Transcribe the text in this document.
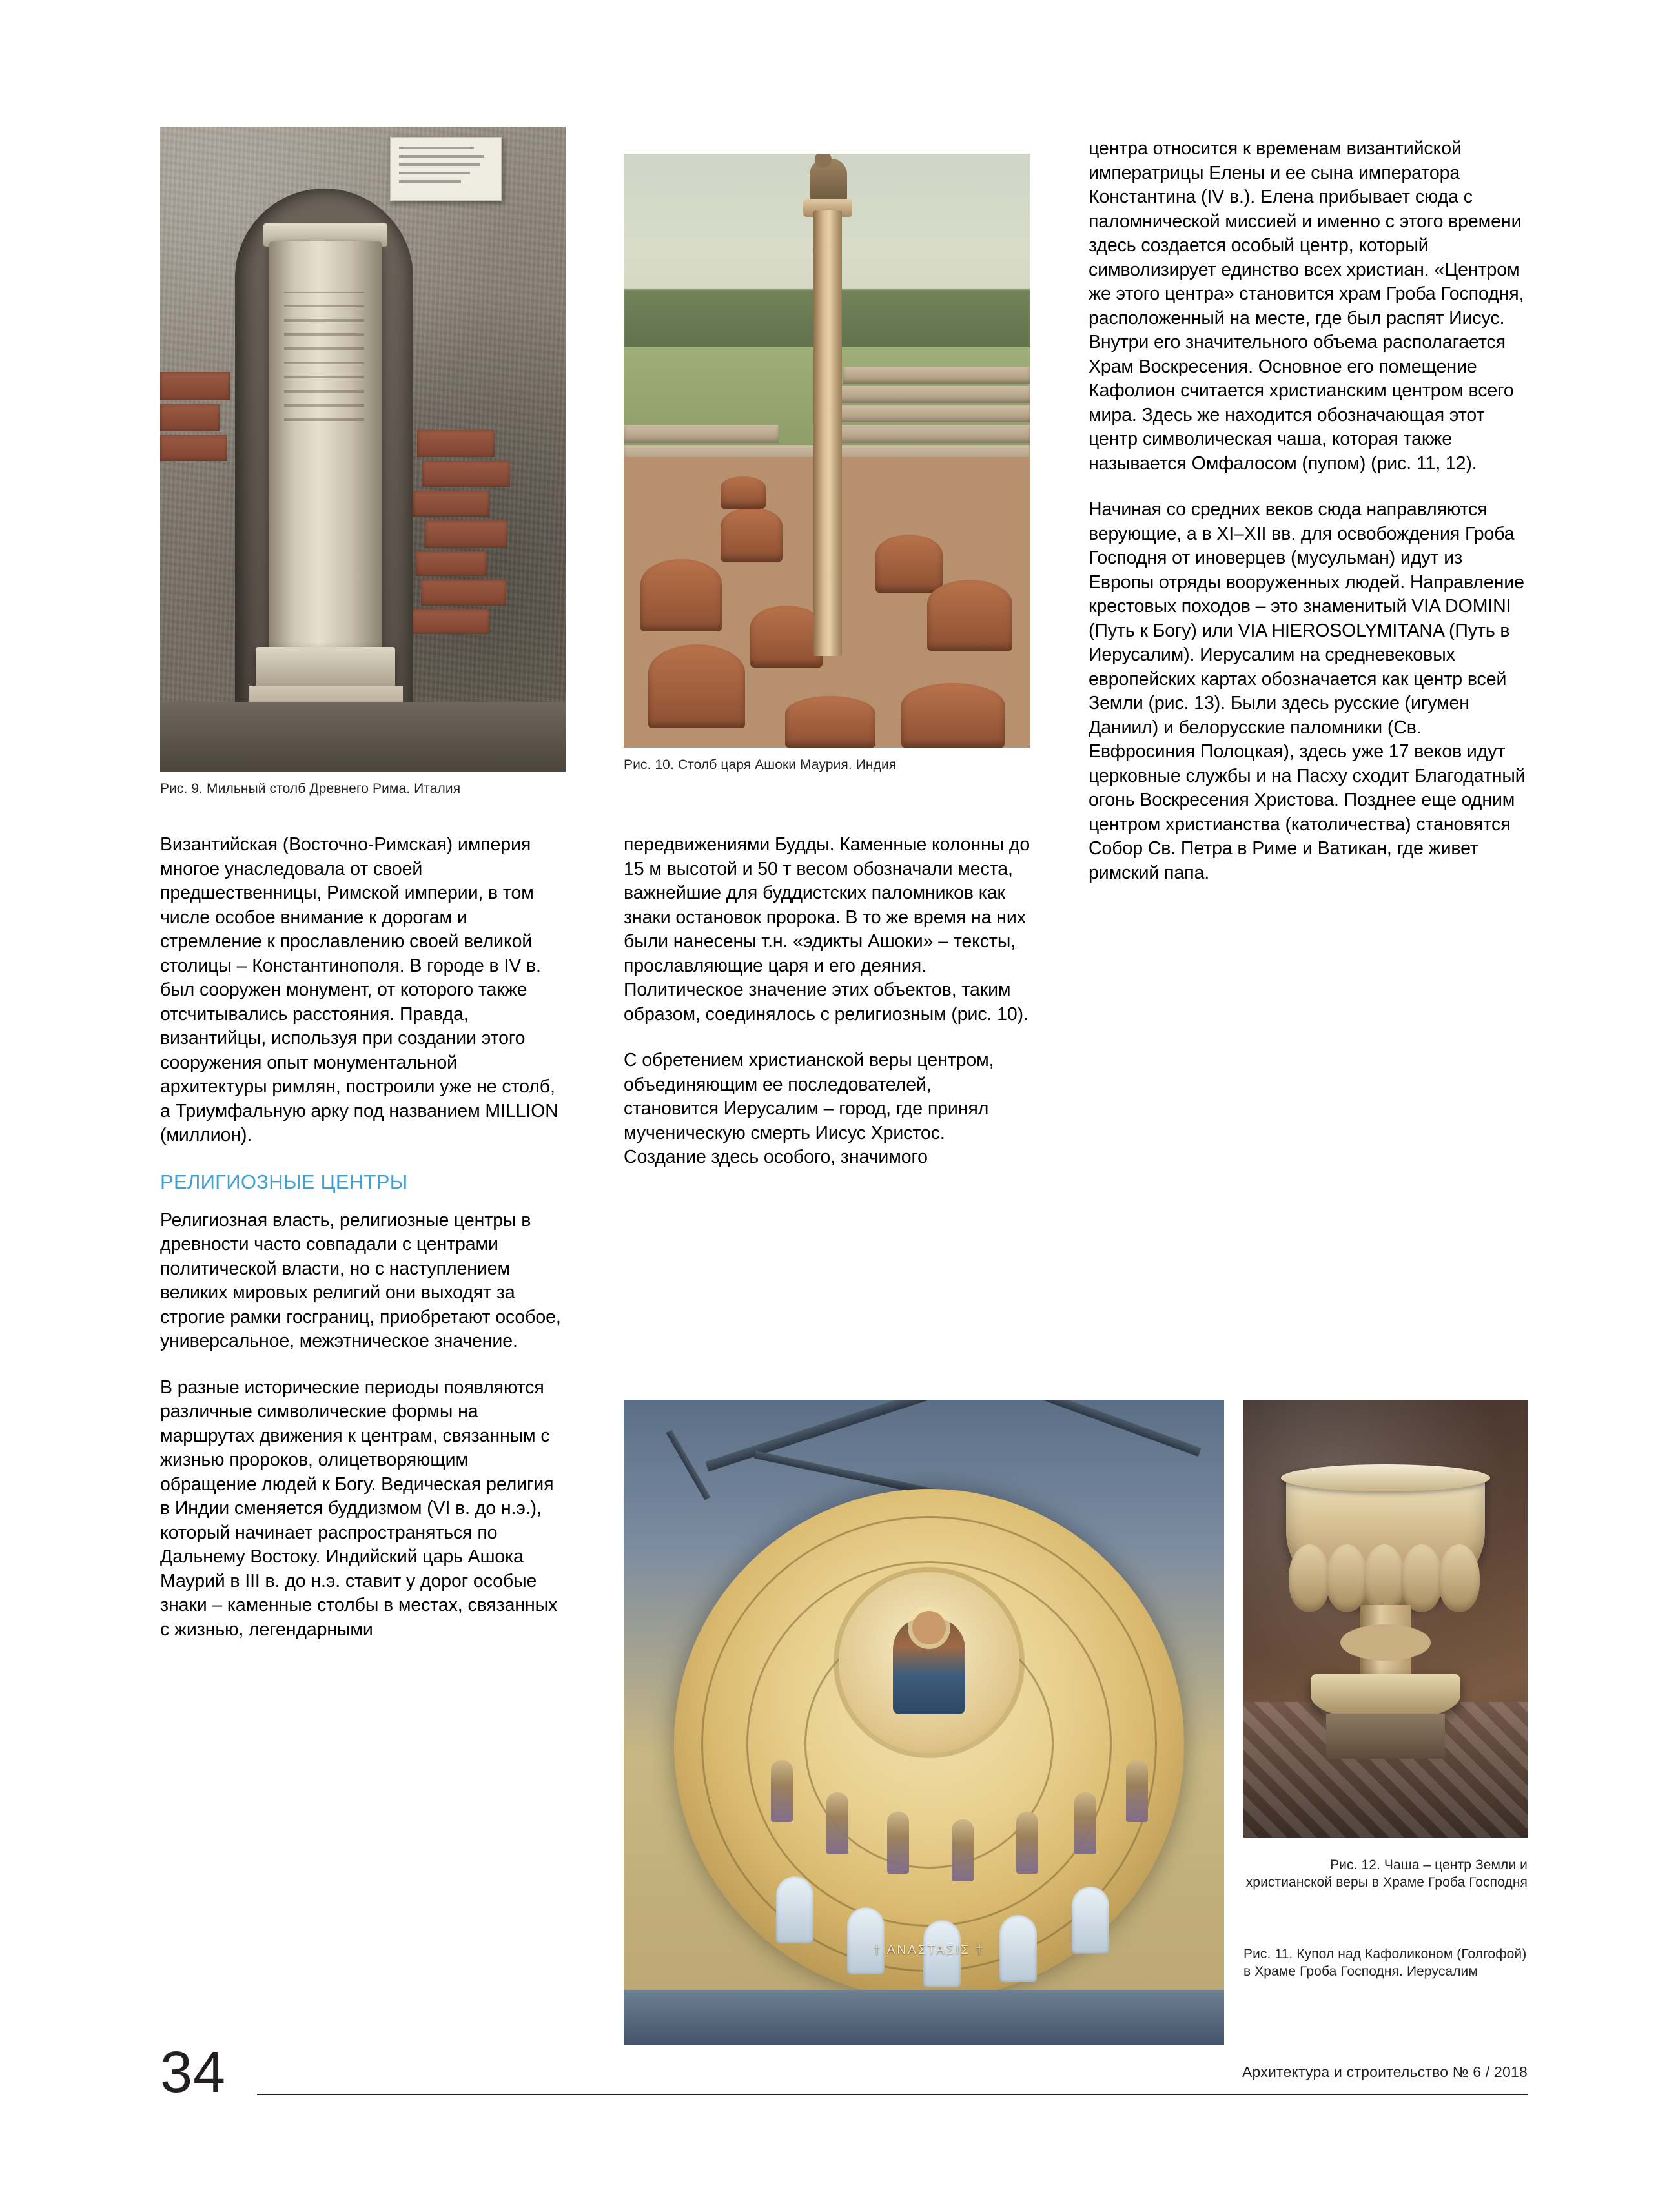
Рис. 9. Мильный столб Древнего Рима. Италия
Рис. 10. Столб царя Ашоки Маурия. Индия
† ΑΝΑΣΤΑΣΙΣ †
Рис. 12. Чаша – центр Земли и христианской веры в Храме Гроба Господня
Рис. 11. Купол над Кафоликоном (Голгофой) в Храме Гроба Господня. Иерусалим

Византийская (Восточно-Римская) империя многое унаследовала от своей предшественницы, Римской империи, в том числе особое внимание к дорогам и стремление к прославлению своей великой столицы – Константинополя. В городе в IV в. был сооружен монумент, от которого также отсчитывались расстояния. Правда, византийцы, используя при создании этого сооружения опыт монументальной архитектуры римлян, построили уже не столб, а Триумфальную арку под названием MILLION (миллион).

РЕЛИГИОЗНЫЕ ЦЕНТРЫ

Религиозная власть, религиозные центры в древности часто совпадали с центрами политической власти, но с наступлением великих мировых религий они выходят за строгие рамки госграниц, приобретают особое, универсальное, межэтническое значение.

В разные исторические периоды появляются различные символические формы на маршрутах движения к центрам, связанным с жизнью пророков, олицетворяющим обращение людей к Богу. Ведическая религия в Индии сменяется буддизмом (VI в. до н.э.), который начинает распространяться по Дальнему Востоку. Индийский царь Ашока Маурий в III в. до н.э. ставит у дорог особые знаки – каменные столбы в местах, связанных с жизнью, легендарными

передвижениями Будды. Каменные колонны до 15 м высотой и 50 т весом обозначали места, важнейшие для буддистских паломников как знаки остановок пророка. В то же время на них были нанесены т.н. «эдикты Ашоки» – тексты, прославляющие царя и его деяния. Политическое значение этих объектов, таким образом, соединялось с религиозным (рис. 10).

С обретением христианской веры центром, объединяющим ее последователей, становится Иерусалим – город, где принял мученическую смерть Иисус Христос. Создание здесь особого, значимого

центра относится к временам византийской императрицы Елены и ее сына императора Константина (IV в.). Елена прибывает сюда с паломнической миссией и именно с этого времени здесь создается особый центр, который символизирует единство всех христиан. «Центром же этого центра» становится храм Гроба Господня, расположенный на месте, где был распят Иисус. Внутри его значительного объема располагается Храм Воскресения. Основное его помещение Кафолион считается христианским центром всего мира. Здесь же находится обозначающая этот центр символическая чаша, которая также называется Омфалосом (пупом) (рис. 11, 12).

Начиная со средних веков сюда направляются верующие, а в XI–XII вв. для освобождения Гроба Господня от иноверцев (мусульман) идут из Европы отряды вооруженных людей. Направление крестовых походов – это знаменитый VIA DOMINI (Путь к Богу) или VIA HIEROSOLYMITANA (Путь в Иерусалим). Иерусалим на средневековых европейских картах обозначается как центр всей Земли (рис. 13). Были здесь русские (игумен Даниил) и белорусские паломники (Св. Евфросиния Полоцкая), здесь уже 17 веков идут церковные службы и на Пасху сходит Благодатный огонь Воскресения Христова. Позднее еще одним центром христианства (католичества) становятся Собор Св. Петра в Риме и Ватикан, где живет римский папа.

34	Архитектура и строительство № 6 / 2018
